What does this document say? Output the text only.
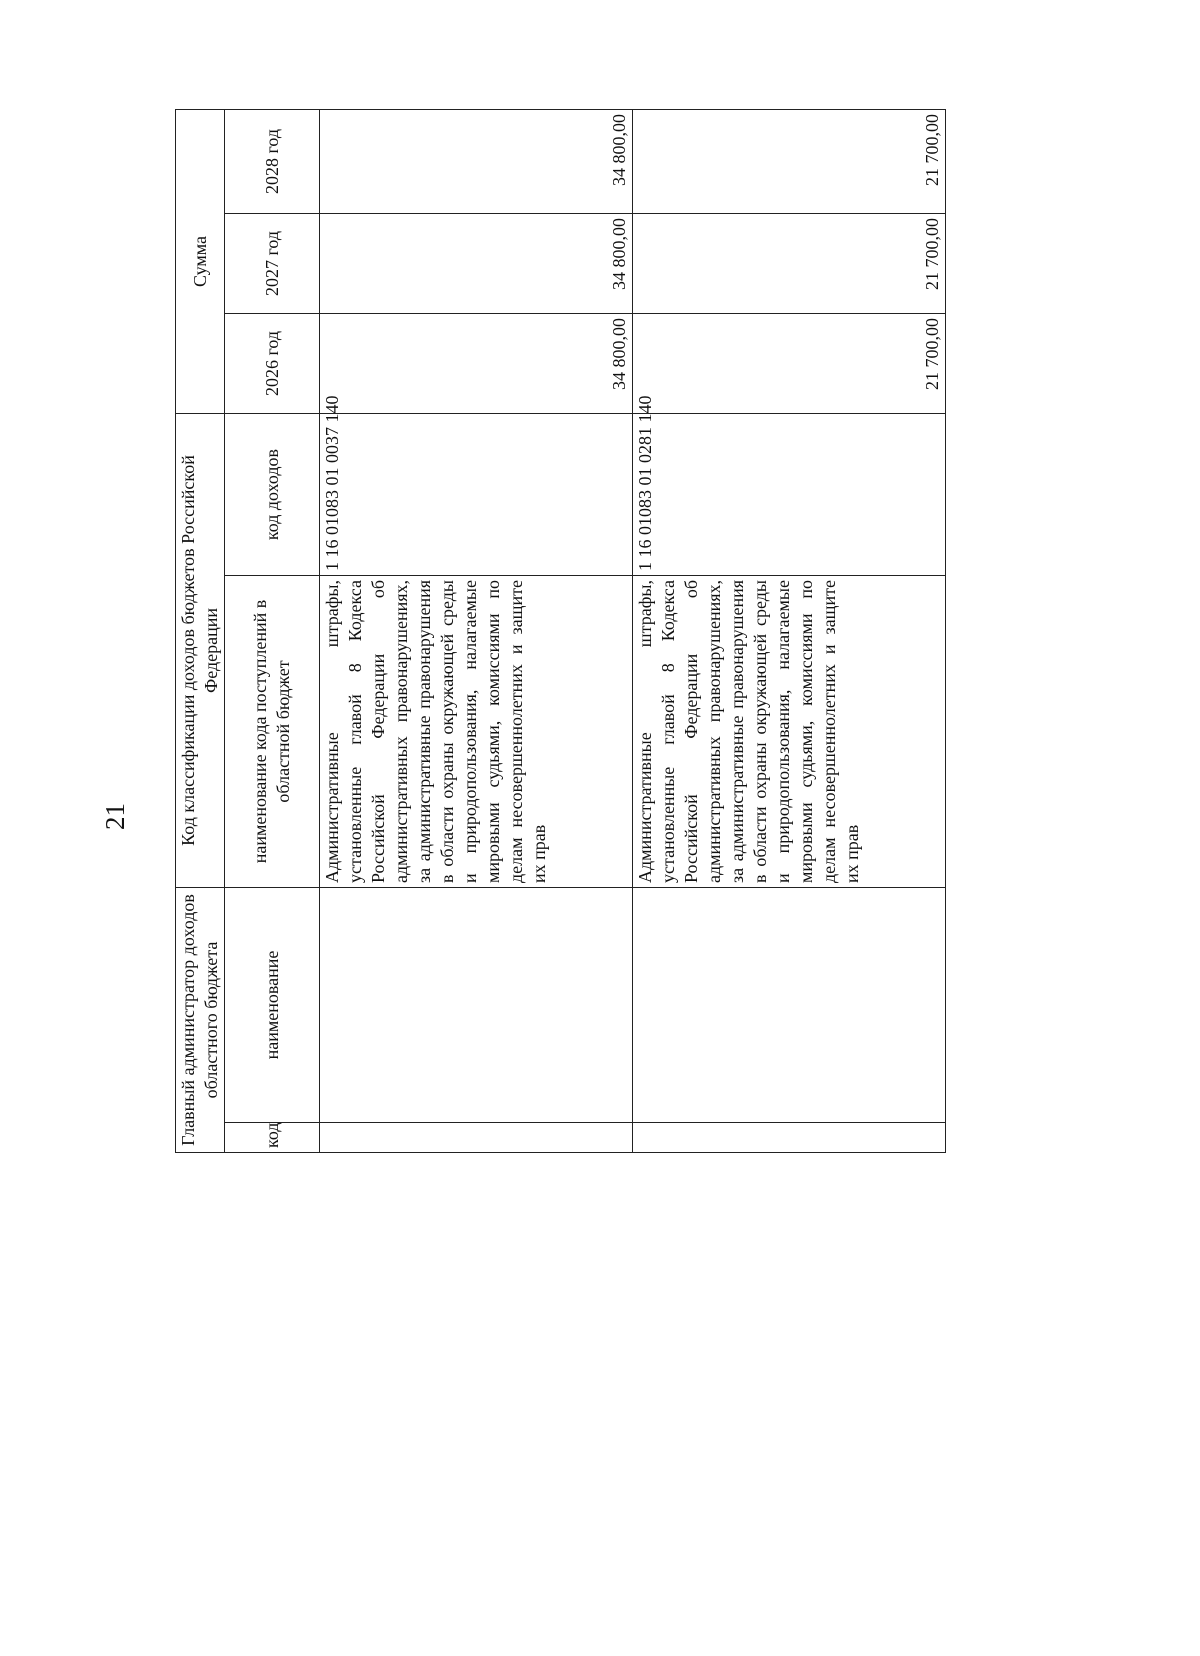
21
Главный администратор доходов областного бюджета		Код классификации доходов бюджетов Российской Федерации		Сумма		
код	наименование	наименование кода поступлений в областной бюджет	код доходов	2026 год	2027 год	2028 год
		Административные штрафы, установленные главой 8 Кодекса Российской Федерации об административных правонарушениях, за административные правонарушения в области охраны окружающей среды и природопользования, налагаемые мировыми судьями, комиссиями по делам несовершеннолетних и защите их прав	1 16 01083 01 0037 140	34 800,00	34 800,00	34 800,00
		Административные штрафы, установленные главой 8 Кодекса Российской Федерации об административных правонарушениях, за административные правонарушения в области охраны окружающей среды и природопользования, налагаемые мировыми судьями, комиссиями по делам несовершеннолетних и защите их прав	1 16 01083 01 0281 140	21 700,00	21 700,00	21 700,00
